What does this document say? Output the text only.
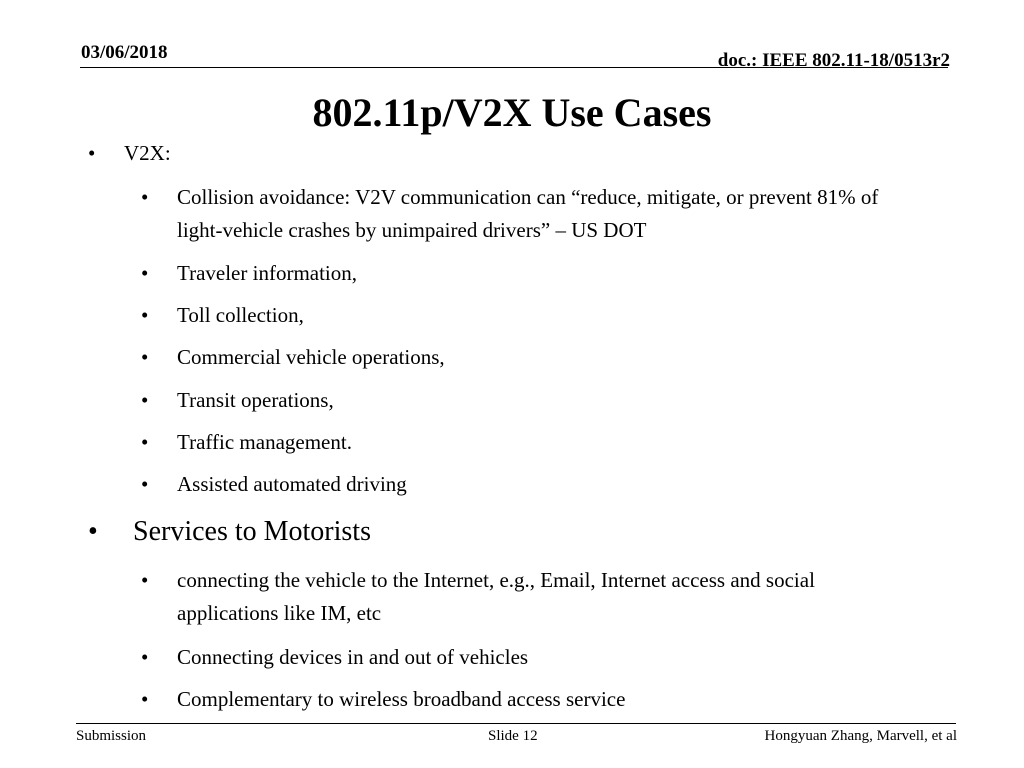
03/06/2018	doc.: IEEE 802.11-18/0513r2
802.11p/V2X Use Cases
• V2X:
• Collision avoidance: V2V communication can “reduce, mitigate, or prevent 81% of light-vehicle crashes by unimpaired drivers” – US DOT
• Traveler information,
• Toll collection,
• Commercial vehicle operations,
• Transit operations,
• Traffic management.
• Assisted automated driving
• Services to Motorists
• connecting the vehicle to the Internet, e.g., Email, Internet access and social applications like IM, etc
• Connecting devices in and out of vehicles
• Complementary to wireless broadband access service
Submission	Slide 12	Hongyuan Zhang, Marvell, et al
